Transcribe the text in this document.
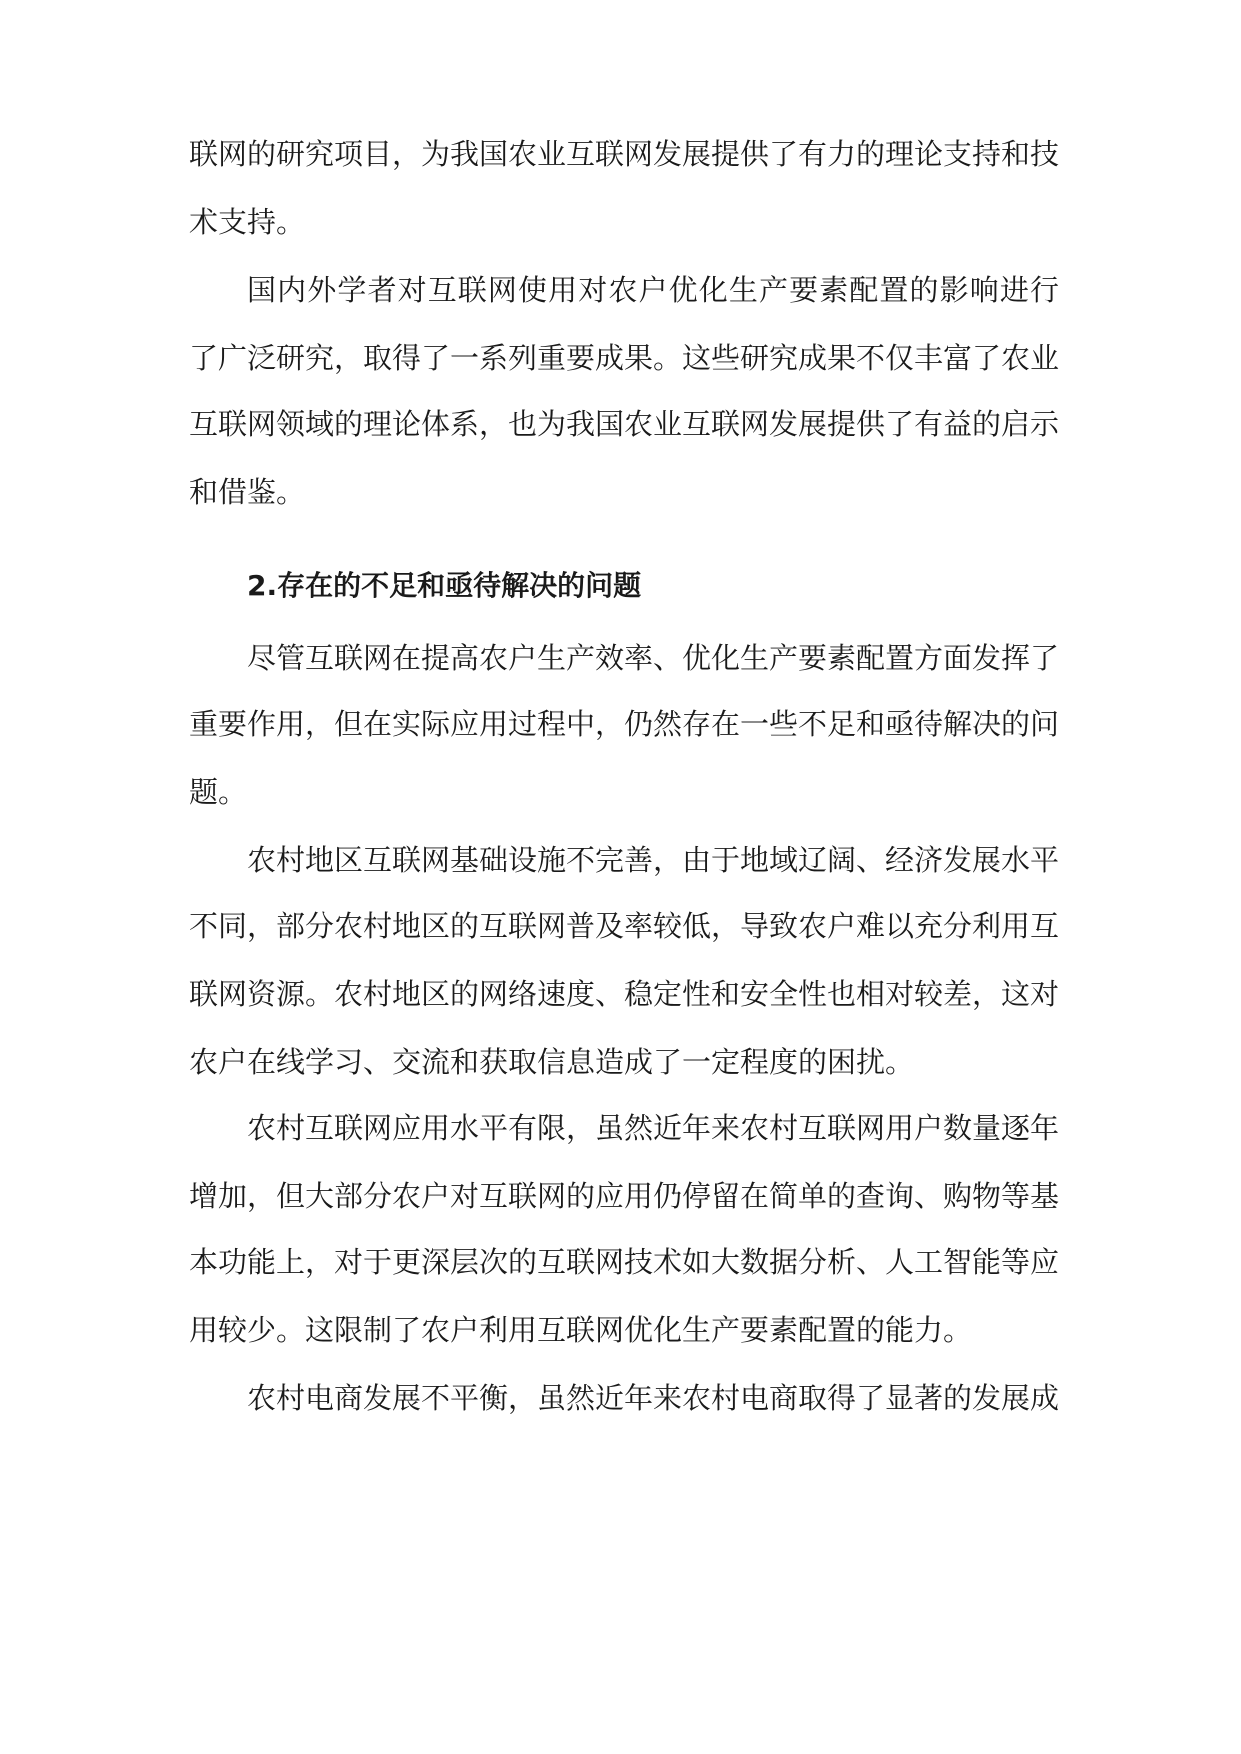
联网的研究项目，为我国农业互联网发展提供了有力的理论支持和技
术支持。
国内外学者对互联网使用对农户优化生产要素配置的影响进行
了广泛研究，取得了一系列重要成果。这些研究成果不仅丰富了农业
互联网领域的理论体系，也为我国农业互联网发展提供了有益的启示
和借鉴。
2.存在的不足和亟待解决的问题
尽管互联网在提高农户生产效率、优化生产要素配置方面发挥了
重要作用，但在实际应用过程中，仍然存在一些不足和亟待解决的问
题。
农村地区互联网基础设施不完善，由于地域辽阔、经济发展水平
不同，部分农村地区的互联网普及率较低，导致农户难以充分利用互
联网资源。农村地区的网络速度、稳定性和安全性也相对较差，这对
农户在线学习、交流和获取信息造成了一定程度的困扰。
农村互联网应用水平有限，虽然近年来农村互联网用户数量逐年
增加，但大部分农户对互联网的应用仍停留在简单的查询、购物等基
本功能上，对于更深层次的互联网技术如大数据分析、人工智能等应
用较少。这限制了农户利用互联网优化生产要素配置的能力。
农村电商发展不平衡，虽然近年来农村电商取得了显著的发展成
